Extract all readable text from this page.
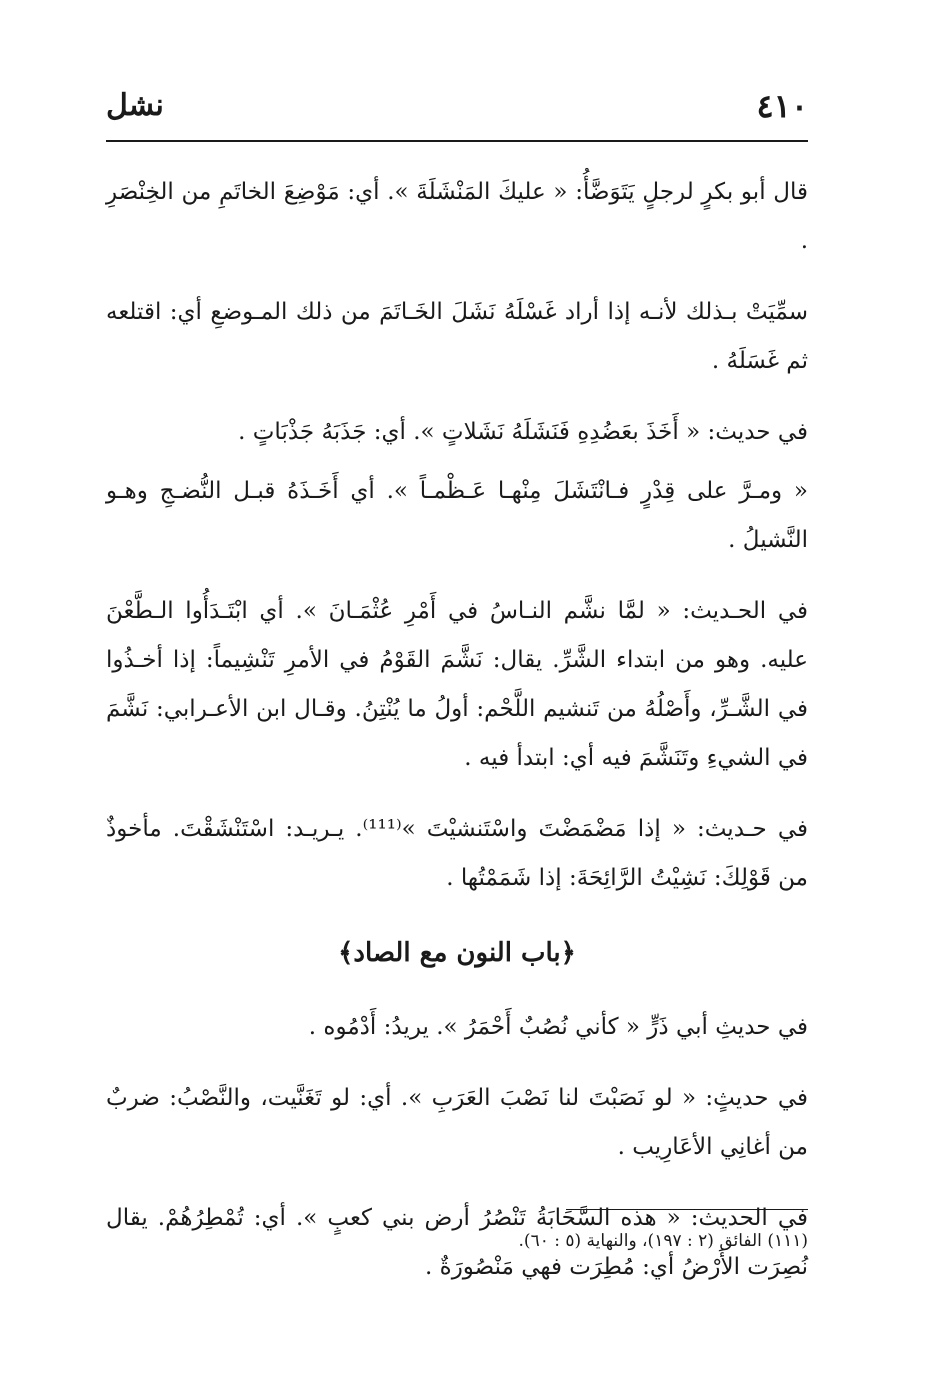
٤١٠
نشل

قال أبو بكرٍ لرجلٍ يَتَوَضَّأُ: « عليكَ المَنْشَلَةَ ». أي: مَوْضِعَ الخاتَمِ من الخِنْصَرِ .

سمِّيَتْ بـذلك لأنـه إذا أراد غَسْلَهُ نَشَلَ الخَـاتَمَ من ذلك المـوضعِ أي: اقتلعه ثم غَسَلَهُ .

في حديث: « أَخَذَ بعَضُدِهِ فَنَشَلَهُ نَشَلاتٍ ». أي: جَذَبَهُ جَذْبَاتٍ .

« ومـرَّ على قِدْرٍ فـانْتَشَلَ مِنْهـا عَـظْمـاً ». أي أَخَـذَهُ قبـل النُّضـجِ وهـو النَّشيلُ .

في الحـديث: « لمَّا نشَّم النـاسُ في أَمْرِ عُثْمَـانَ ». أي ابْتَـدَأُوا الـطَّعْنَ عليه. وهو من ابتداء الشَّرِّ. يقال: نَشَّمَ القَوْمُ في الأمرِ تَنْشِيماً: إذا أخـذُوا في الشَّـرِّ، وأَصْلُهُ من تَنشيم اللَّحْم: أولُ ما يُنْتِنُ. وقـال ابن الأعـرابي: نَشَّمَ في الشيءِ وتَنَشَّمَ فيه أي: ابتدأ فيه .

في حـديث: « إذا مَضْمَضْتَ واسْتَنشيْتَ »⁽¹¹¹⁾. يـريـد: اسْتَنْشَقْتَ. مأخوذٌ من قَوْلِكَ: نَشِيْتُ الرَّائِحَةَ: إذا شَمَمْتُها .

﴿باب النون مع الصاد﴾

في حديثِ أبي ذَرٍّ « كأني نُصُبٌ أَحْمَرُ ». يريدُ: أَدْمُوه .

في حديثٍ: « لو نَصَبْتَ لنا نَصْبَ العَرَبِ ». أي: لو تَغَنَّيت، والنَّصْبُ: ضربٌ من أغانِي الأعَارِيب .

في الحديث: « هذه السَّحَابَةُ تَنْصُرُ أرض بني كعبٍ ». أي: تُمْطِرُهُمْ. يقال نُصِرَت الأَرْضُ أي: مُطِرَت فهي مَنْصُورَةٌ .

(١١١) الفائق (٢ : ١٩٧)، والنهاية (٥ : ٦٠).
